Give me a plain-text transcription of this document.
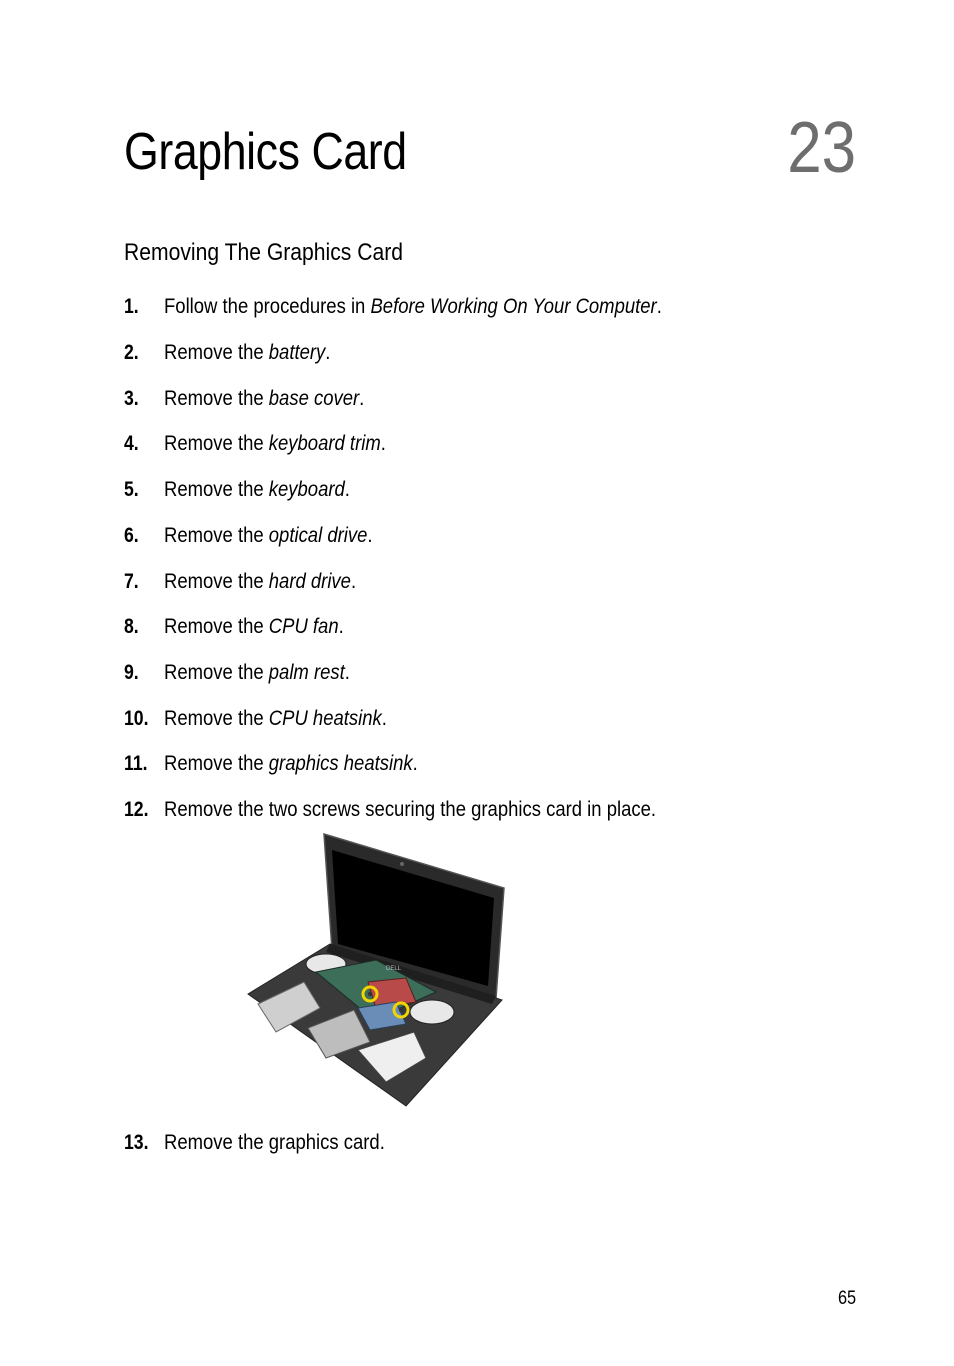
Graphics Card	23
Removing The Graphics Card
1. Follow the procedures in Before Working On Your Computer.
2. Remove the battery.
3. Remove the base cover.
4. Remove the keyboard trim.
5. Remove the keyboard.
6. Remove the optical drive.
7. Remove the hard drive.
8. Remove the CPU fan.
9. Remove the palm rest.
10. Remove the CPU heatsink.
11. Remove the graphics heatsink.
12. Remove the two screws securing the graphics card in place.
DELL
13. Remove the graphics card.
65
